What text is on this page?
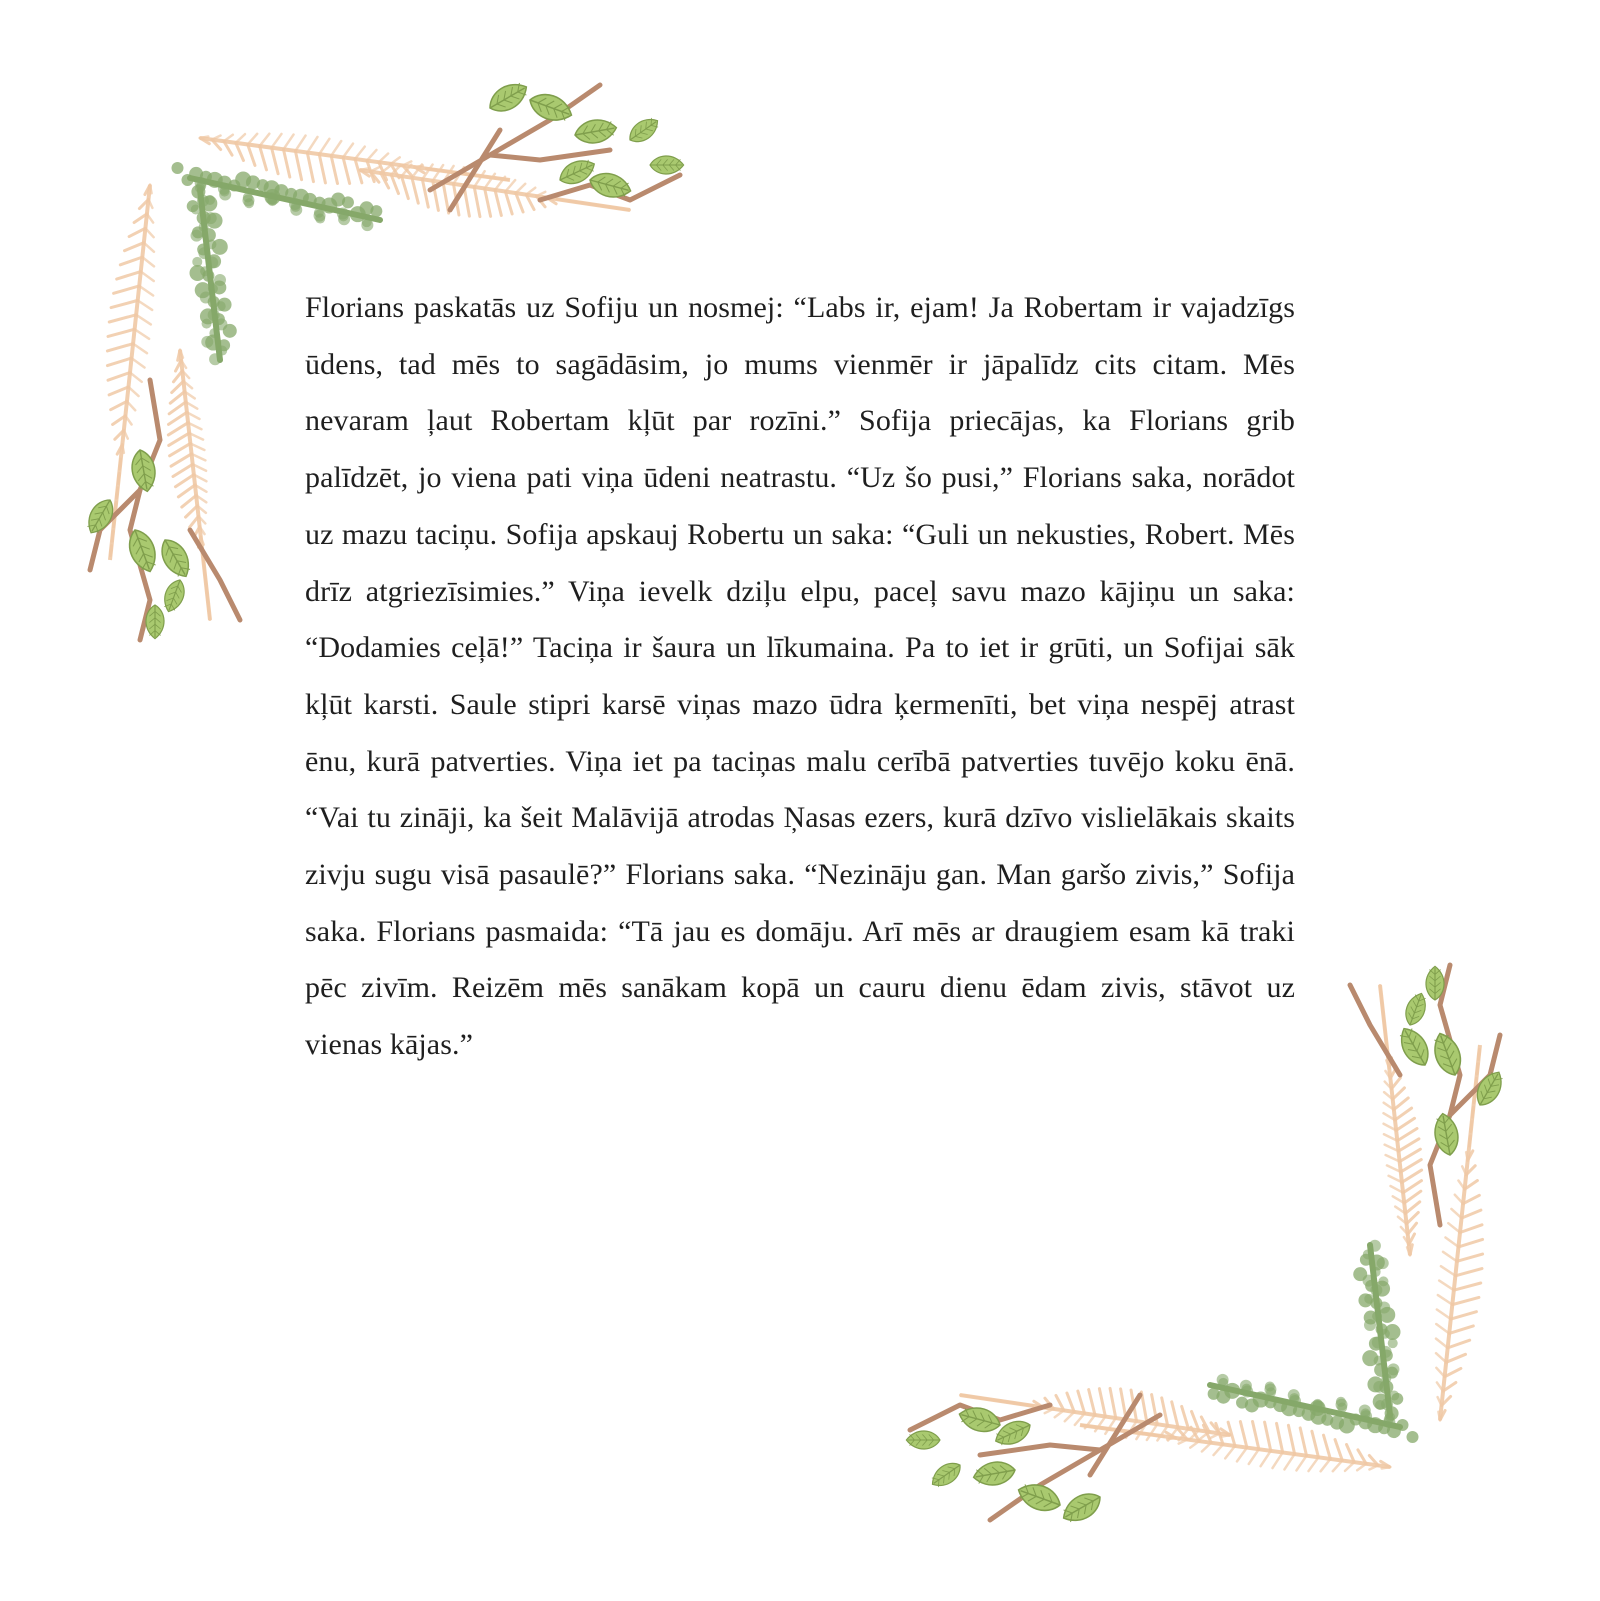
Florians paskatās uz Sofiju un nosmej: “Labs ir, ejam! Ja Robertam ir vajadzīgs ūdens, tad mēs to sagādāsim, jo mums vienmēr ir jāpalīdz cits citam. Mēs nevaram ļaut Robertam kļūt par rozīni.” Sofija priecājas, ka Florians grib palīdzēt, jo viena pati viņa ūdeni neatrastu. “Uz šo pusi,” Florians saka, norādot uz mazu taciņu. Sofija apskauj Robertu un saka: “Guli un nekusties, Robert. Mēs drīz atgriezīsimies.” Viņa ievelk dziļu elpu, paceļ savu mazo kājiņu un saka: “Dodamies ceļā!” Taciņa ir šaura un līkumaina. Pa to iet ir grūti, un Sofijai sāk kļūt karsti. Saule stipri karsē viņas mazo ūdra ķermenīti, bet viņa nespēj atrast ēnu, kurā patverties. Viņa iet pa taciņas malu cerībā patverties tuvējo koku ēnā. “Vai tu zināji, ka šeit Malāvijā atrodas Ņasas ezers, kurā dzīvo vislielākais skaits zivju sugu visā pasaulē?” Florians saka. “Nezināju gan. Man garšo zivis,” Sofija saka. Florians pasmaida: “Tā jau es domāju. Arī mēs ar draugiem esam kā traki pēc zivīm. Reizēm mēs sanākam kopā un cauru dienu ēdam zivis, stāvot uz vienas kājas.”
